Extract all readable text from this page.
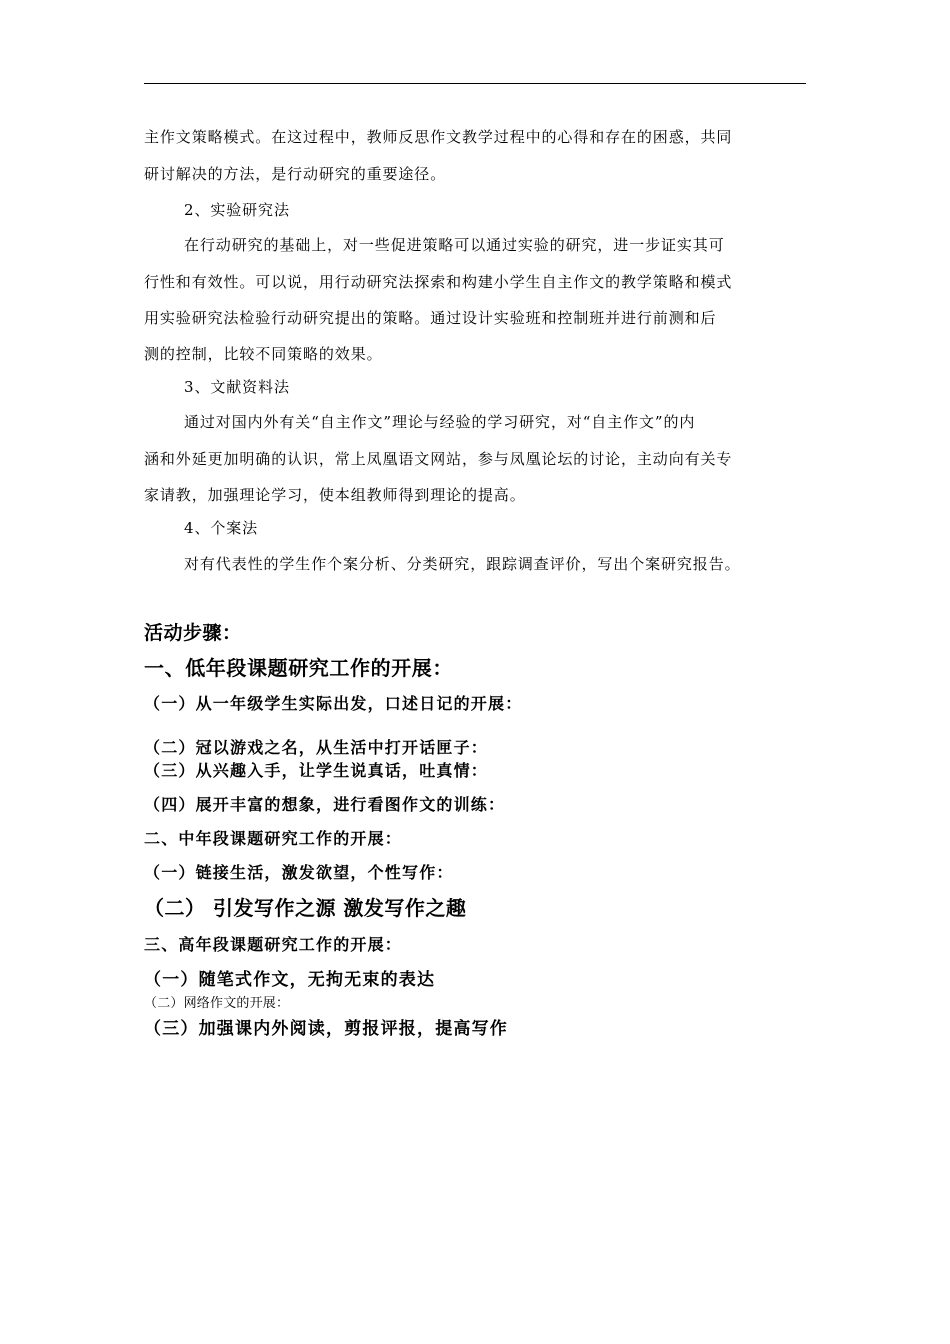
主作文策略模式。在这过程中，教师反思作文教学过程中的心得和存在的困惑，共同
研讨解决的方法，是行动研究的重要途径。
2、实验研究法
在行动研究的基础上，对一些促进策略可以通过实验的研究，进一步证实其可
行性和有效性。可以说，用行动研究法探索和构建小学生自主作文的教学策略和模式
用实验研究法检验行动研究提出的策略。通过设计实验班和控制班并进行前测和后
测的控制，比较不同策略的效果。
3、文献资料法
通过对国内外有关“自主作文”理论与经验的学习研究，对“自主作文”的内
涵和外延更加明确的认识，常上凤凰语文网站，参与凤凰论坛的讨论，主动向有关专
家请教，加强理论学习，使本组教师得到理论的提高。
4、个案法
对有代表性的学生作个案分析、分类研究，跟踪调查评价，写出个案研究报告。
活动步骤：
一、低年段课题研究工作的开展：
（一）从一年级学生实际出发，口述日记的开展：
（二）冠以游戏之名，从生活中打开话匣子：
（三）从兴趣入手，让学生说真话，吐真情：
（四）展开丰富的想象，进行看图作文的训练：
二、中年段课题研究工作的开展：
（一）链接生活，激发欲望，个性写作：
（二） 引发写作之源 激发写作之趣
三、高年段课题研究工作的开展：
（一）随笔式作文，无拘无束的表达
（二）网络作文的开展：
（三）加强课内外阅读，剪报评报，提高写作
